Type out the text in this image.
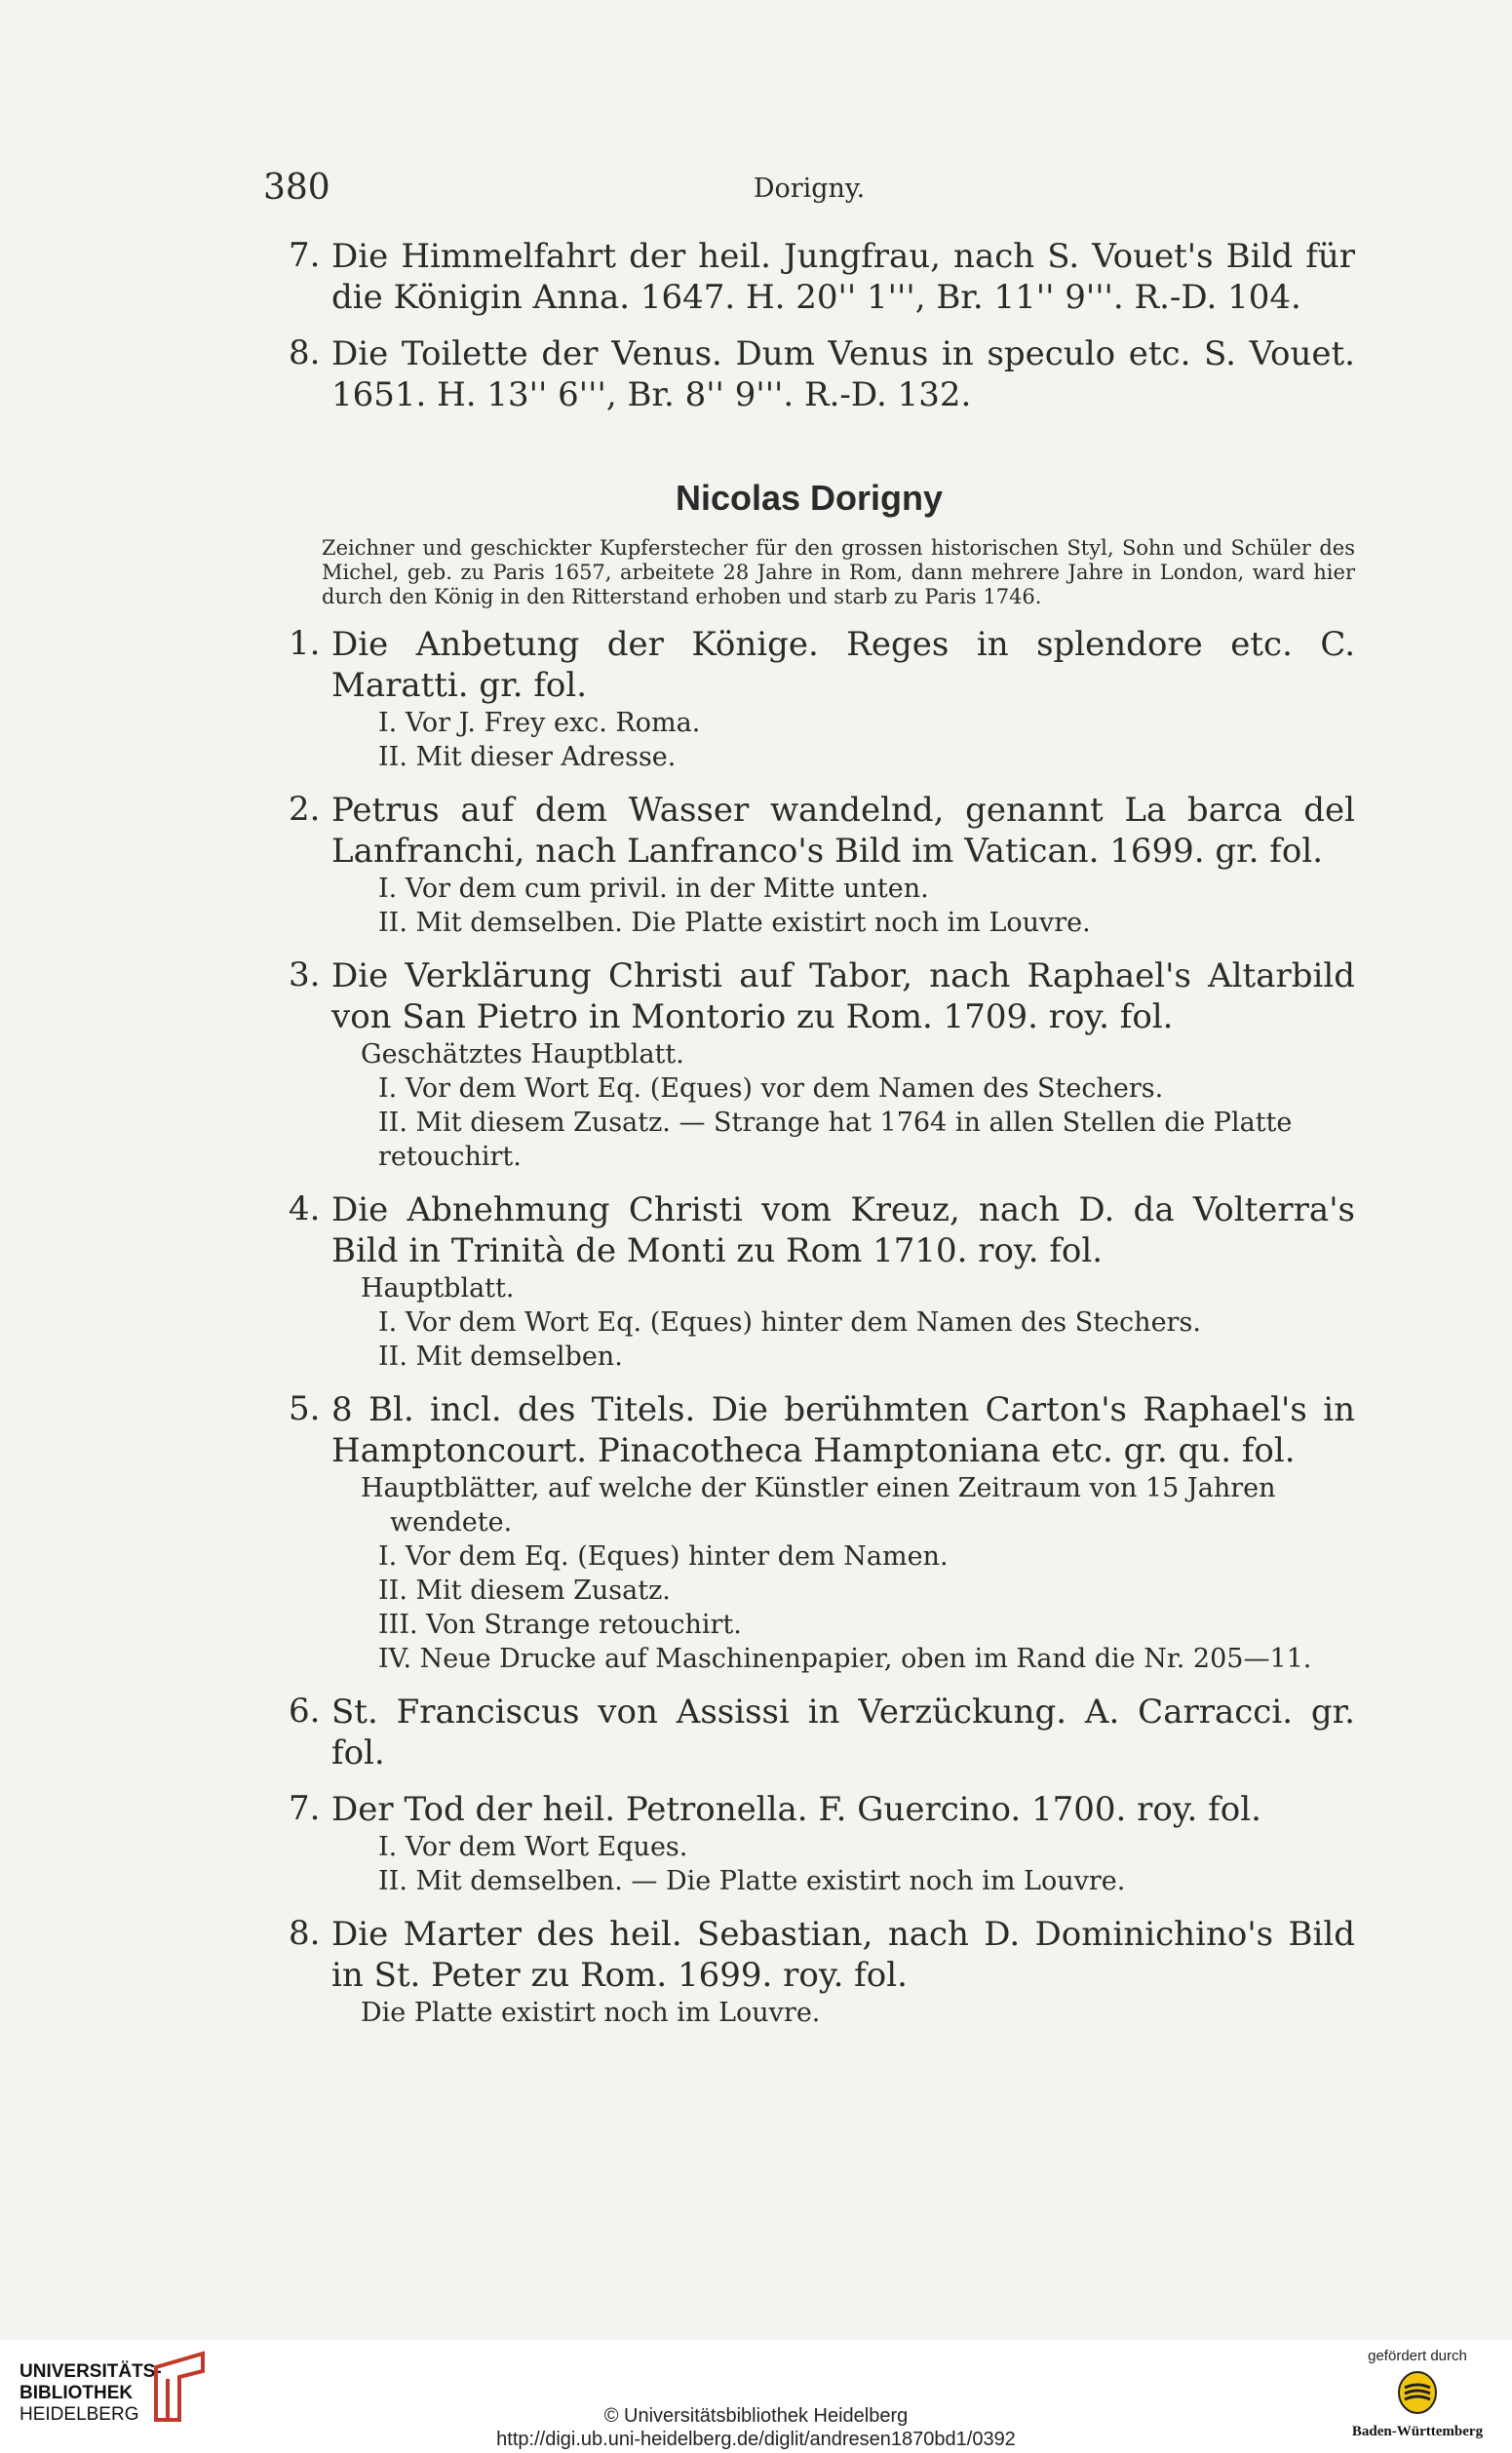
380	Dorigny.
7. Die Himmelfahrt der heil. Jungfrau, nach S. Vouet's Bild für die Königin Anna. 1647. H. 20'' 1''', Br. 11'' 9'''. R.-D. 104.
8. Die Toilette der Venus. Dum Venus in speculo etc. S. Vouet. 1651. H. 13'' 6''', Br. 8'' 9'''. R.-D. 132.
Nicolas Dorigny
Zeichner und geschickter Kupferstecher für den grossen historischen Styl, Sohn und Schüler des Michel, geb. zu Paris 1657, arbeitete 28 Jahre in Rom, dann mehrere Jahre in London, ward hier durch den König in den Ritterstand erhoben und starb zu Paris 1746.
1. Die Anbetung der Könige. Reges in splendore etc. C. Maratti. gr. fol.
I. Vor J. Frey exc. Roma.
II. Mit dieser Adresse.
2. Petrus auf dem Wasser wandelnd, genannt La barca del Lanfranchi, nach Lanfranco's Bild im Vatican. 1699. gr. fol.
I. Vor dem cum privil. in der Mitte unten.
II. Mit demselben. Die Platte existirt noch im Louvre.
3. Die Verklärung Christi auf Tabor, nach Raphael's Altarbild von San Pietro in Montorio zu Rom. 1709. roy. fol.
Geschätztes Hauptblatt.
I. Vor dem Wort Eq. (Eques) vor dem Namen des Stechers.
II. Mit diesem Zusatz. — Strange hat 1764 in allen Stellen die Platte retouchirt.
4. Die Abnehmung Christi vom Kreuz, nach D. da Volterra's Bild in Trinità de Monti zu Rom 1710. roy. fol.
Hauptblatt.
I. Vor dem Wort Eq. (Eques) hinter dem Namen des Stechers.
II. Mit demselben.
5. 8 Bl. incl. des Titels. Die berühmten Carton's Raphael's in Hamptoncourt. Pinacotheca Hamptoniana etc. gr. qu. fol.
Hauptblätter, auf welche der Künstler einen Zeitraum von 15 Jahren wendete.
I. Vor dem Eq. (Eques) hinter dem Namen.
II. Mit diesem Zusatz.
III. Von Strange retouchirt.
IV. Neue Drucke auf Maschinenpapier, oben im Rand die Nr. 205—11.
6. St. Franciscus von Assissi in Verzückung. A. Carracci. gr. fol.
7. Der Tod der heil. Petronella. F. Guercino. 1700. roy. fol.
I. Vor dem Wort Eques.
II. Mit demselben. — Die Platte existirt noch im Louvre.
8. Die Marter des heil. Sebastian, nach D. Dominichino's Bild in St. Peter zu Rom. 1699. roy. fol.
Die Platte existirt noch im Louvre.
UNIVERSITÄTS-
BIBLIOTHEK
HEIDELBERG	© Universitätsbibliothek Heidelberg
http://digi.ub.uni-heidelberg.de/diglit/andresen1870bd1/0392
gefördert durch
Baden-Württemberg
